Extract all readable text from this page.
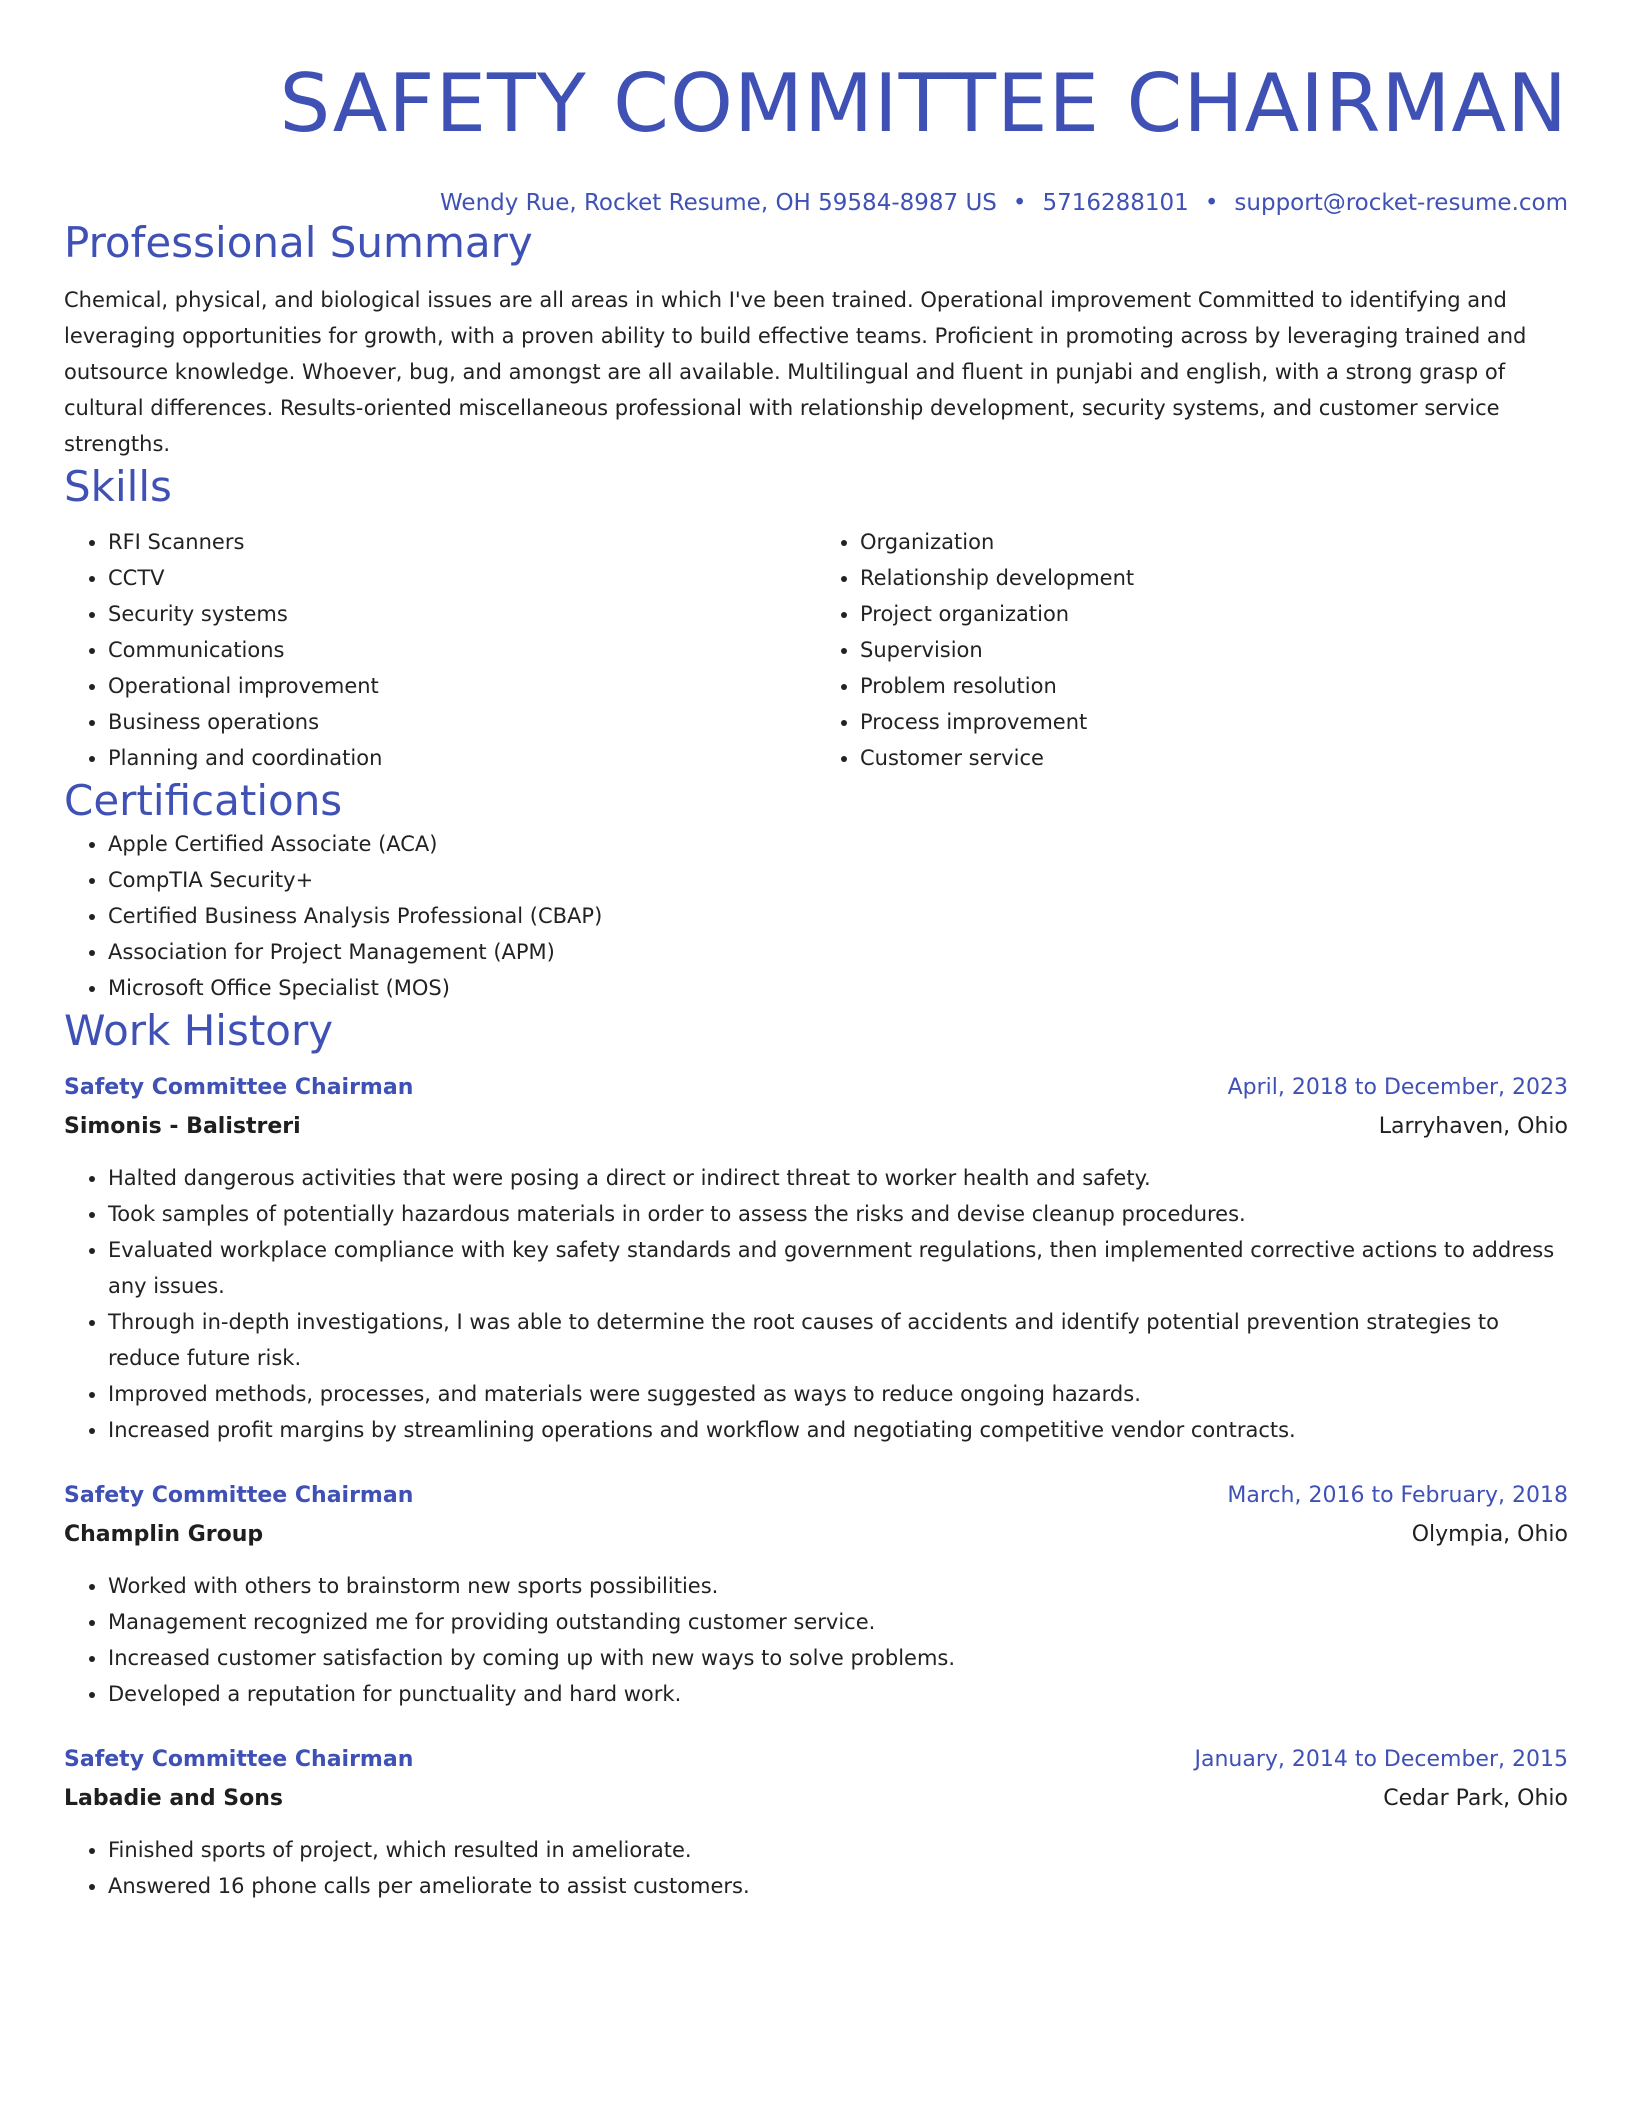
SAFETY COMMITTEE CHAIRMAN
Wendy Rue, Rocket Resume, OH 59584-8987 US • 5716288101 • support@rocket-resume.com
Professional Summary
Chemical, physical, and biological issues are all areas in which I've been trained. Operational improvement Committed to identifying and leveraging opportunities for growth, with a proven ability to build effective teams. Proficient in promoting across by leveraging trained and outsource knowledge. Whoever, bug, and amongst are all available. Multilingual and fluent in punjabi and english, with a strong grasp of cultural differences. Results-oriented miscellaneous professional with relationship development, security systems, and customer service strengths.
Skills
• RFI Scanners
• CCTV
• Security systems
• Communications
• Operational improvement
• Business operations
• Planning and coordination
• Organization
• Relationship development
• Project organization
• Supervision
• Problem resolution
• Process improvement
• Customer service
Certifications
• Apple Certified Associate (ACA)
• CompTIA Security+
• Certified Business Analysis Professional (CBAP)
• Association for Project Management (APM)
• Microsoft Office Specialist (MOS)
Work History
Safety Committee Chairman	April, 2018 to December, 2023
Simonis - Balistreri	Larryhaven, Ohio
• Halted dangerous activities that were posing a direct or indirect threat to worker health and safety.
• Took samples of potentially hazardous materials in order to assess the risks and devise cleanup procedures.
• Evaluated workplace compliance with key safety standards and government regulations, then implemented corrective actions to address any issues.
• Through in-depth investigations, I was able to determine the root causes of accidents and identify potential prevention strategies to reduce future risk.
• Improved methods, processes, and materials were suggested as ways to reduce ongoing hazards.
• Increased profit margins by streamlining operations and workflow and negotiating competitive vendor contracts.
Safety Committee Chairman	March, 2016 to February, 2018
Champlin Group	Olympia, Ohio
• Worked with others to brainstorm new sports possibilities.
• Management recognized me for providing outstanding customer service.
• Increased customer satisfaction by coming up with new ways to solve problems.
• Developed a reputation for punctuality and hard work.
Safety Committee Chairman	January, 2014 to December, 2015
Labadie and Sons	Cedar Park, Ohio
• Finished sports of project, which resulted in ameliorate.
• Answered 16 phone calls per ameliorate to assist customers.
